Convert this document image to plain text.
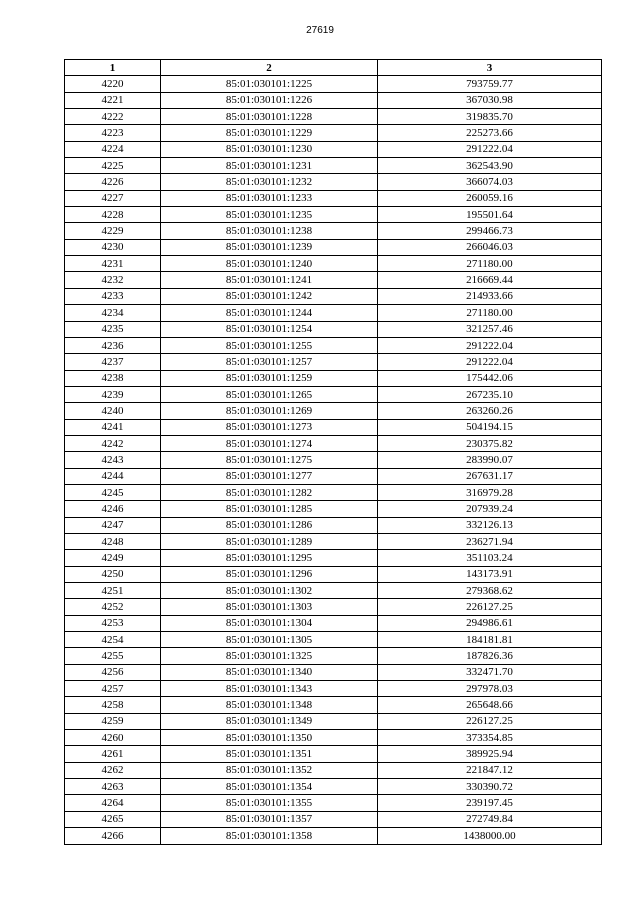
27619
1	2	3
4220	85:01:030101:1225	793759.77
4221	85:01:030101:1226	367030.98
4222	85:01:030101:1228	319835.70
4223	85:01:030101:1229	225273.66
4224	85:01:030101:1230	291222.04
4225	85:01:030101:1231	362543.90
4226	85:01:030101:1232	366074.03
4227	85:01:030101:1233	260059.16
4228	85:01:030101:1235	195501.64
4229	85:01:030101:1238	299466.73
4230	85:01:030101:1239	266046.03
4231	85:01:030101:1240	271180.00
4232	85:01:030101:1241	216669.44
4233	85:01:030101:1242	214933.66
4234	85:01:030101:1244	271180.00
4235	85:01:030101:1254	321257.46
4236	85:01:030101:1255	291222.04
4237	85:01:030101:1257	291222.04
4238	85:01:030101:1259	175442.06
4239	85:01:030101:1265	267235.10
4240	85:01:030101:1269	263260.26
4241	85:01:030101:1273	504194.15
4242	85:01:030101:1274	230375.82
4243	85:01:030101:1275	283990.07
4244	85:01:030101:1277	267631.17
4245	85:01:030101:1282	316979.28
4246	85:01:030101:1285	207939.24
4247	85:01:030101:1286	332126.13
4248	85:01:030101:1289	236271.94
4249	85:01:030101:1295	351103.24
4250	85:01:030101:1296	143173.91
4251	85:01:030101:1302	279368.62
4252	85:01:030101:1303	226127.25
4253	85:01:030101:1304	294986.61
4254	85:01:030101:1305	184181.81
4255	85:01:030101:1325	187826.36
4256	85:01:030101:1340	332471.70
4257	85:01:030101:1343	297978.03
4258	85:01:030101:1348	265648.66
4259	85:01:030101:1349	226127.25
4260	85:01:030101:1350	373354.85
4261	85:01:030101:1351	389925.94
4262	85:01:030101:1352	221847.12
4263	85:01:030101:1354	330390.72
4264	85:01:030101:1355	239197.45
4265	85:01:030101:1357	272749.84
4266	85:01:030101:1358	1438000.00
